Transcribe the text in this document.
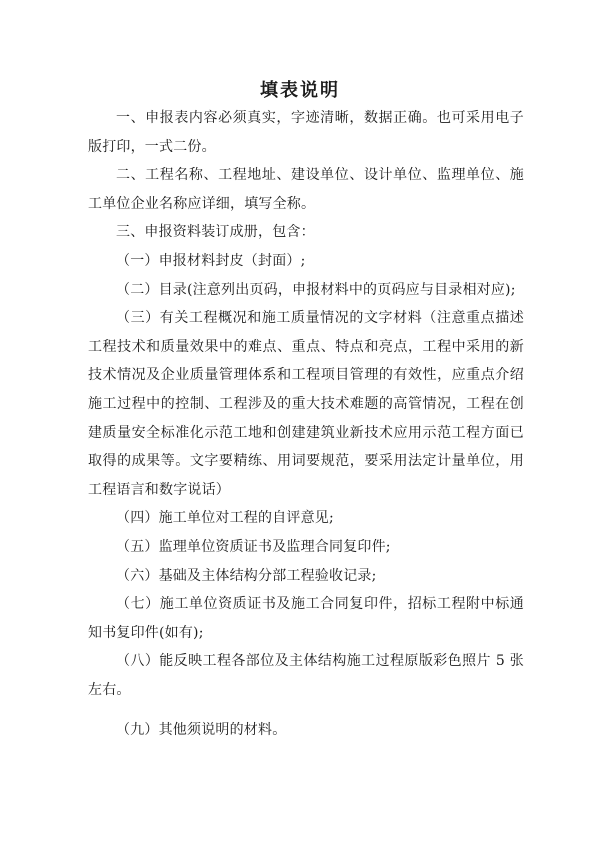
填表说明

一、申报表内容必须真实，字迹清晰，数据正确。也可采用电子版打印，一式二份。

二、工程名称、工程地址、建设单位、设计单位、监理单位、施工单位企业名称应详细，填写全称。

三、申报资料装订成册，包含：

（一）申报材料封皮（封面）;

（二）目录(注意列出页码，申报材料中的页码应与目录相对应);

（三）有关工程概况和施工质量情况的文字材料（注意重点描述工程技术和质量效果中的难点、重点、特点和亮点，工程中采用的新技术情况及企业质量管理体系和工程项目管理的有效性，应重点介绍施工过程中的控制、工程涉及的重大技术难题的高管情况，工程在创建质量安全标准化示范工地和创建建筑业新技术应用示范工程方面已取得的成果等。文字要精练、用词要规范，要采用法定计量单位，用工程语言和数字说话）

（四）施工单位对工程的自评意见;

（五）监理单位资质证书及监理合同复印件;

（六）基础及主体结构分部工程验收记录;

（七）施工单位资质证书及施工合同复印件，招标工程附中标通知书复印件(如有);

（八）能反映工程各部位及主体结构施工过程原版彩色照片 5 张左右。

（九）其他须说明的材料。
